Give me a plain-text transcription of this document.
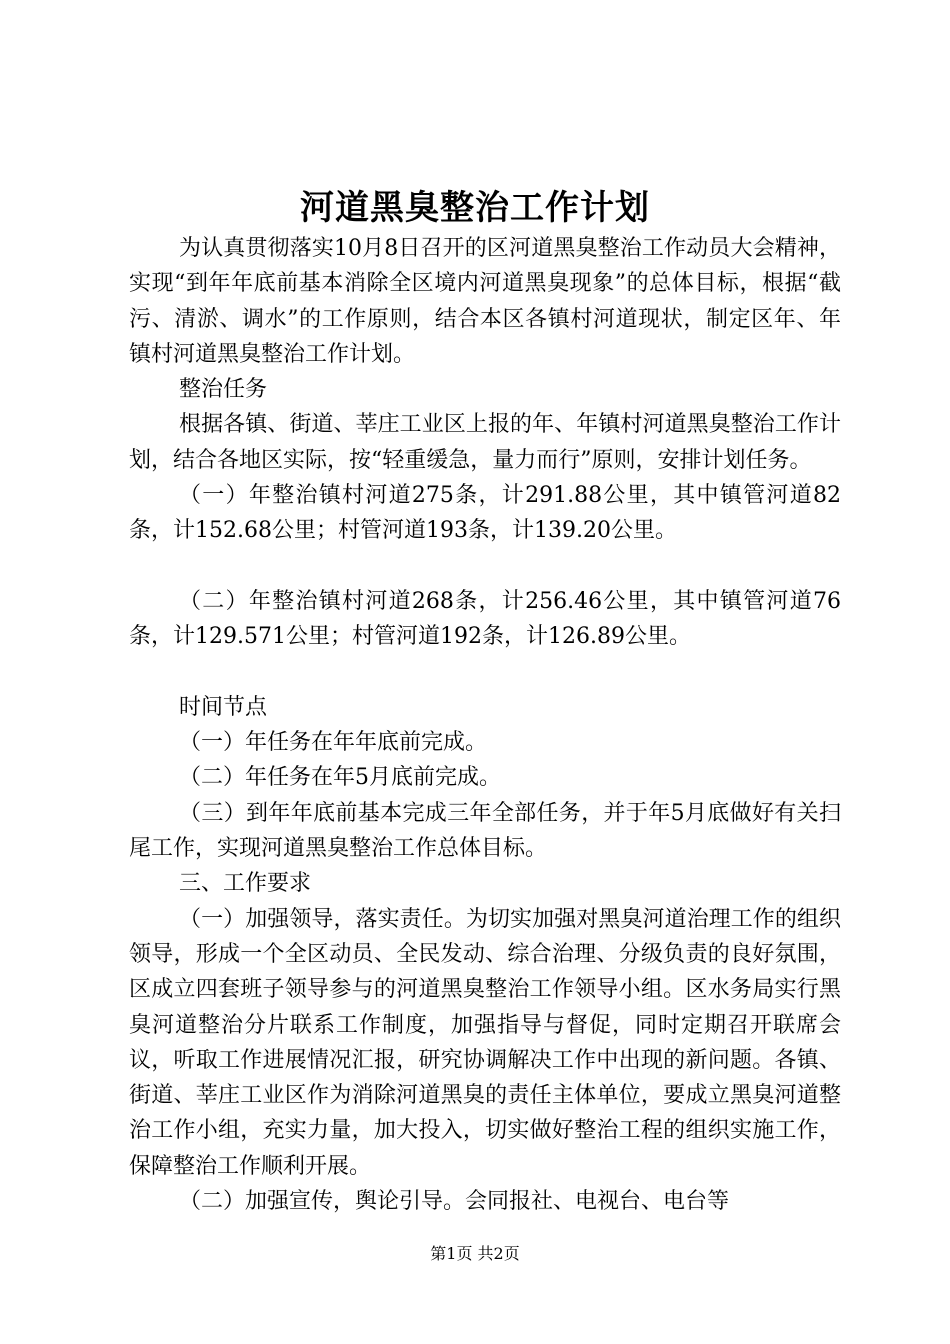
河道黑臭整治工作计划

为认真贯彻落实10月8日召开的区河道黑臭整治工作动员大会精神，实现“到年年底前基本消除全区境内河道黑臭现象”的总体目标，根据“截污、清淤、调水”的工作原则，结合本区各镇村河道现状，制定区年、年镇村河道黑臭整治工作计划。

整治任务

根据各镇、街道、莘庄工业区上报的年、年镇村河道黑臭整治工作计划，结合各地区实际，按“轻重缓急，量力而行”原则，安排计划任务。

（一）年整治镇村河道275条，计291.88公里，其中镇管河道82条，计152.68公里；村管河道193条，计139.20公里。

（二）年整治镇村河道268条，计256.46公里，其中镇管河道76条，计129.571公里；村管河道192条，计126.89公里。

时间节点

（一）年任务在年年底前完成。

（二）年任务在年5月底前完成。

（三）到年年底前基本完成三年全部任务，并于年5月底做好有关扫尾工作，实现河道黑臭整治工作总体目标。

三、工作要求

（一）加强领导，落实责任。为切实加强对黑臭河道治理工作的组织领导，形成一个全区动员、全民发动、综合治理、分级负责的良好氛围，区成立四套班子领导参与的河道黑臭整治工作领导小组。区水务局实行黑臭河道整治分片联系工作制度，加强指导与督促，同时定期召开联席会议，听取工作进展情况汇报，研究协调解决工作中出现的新问题。各镇、街道、莘庄工业区作为消除河道黑臭的责任主体单位，要成立黑臭河道整治工作小组，充实力量，加大投入，切实做好整治工程的组织实施工作，保障整治工作顺利开展。

（二）加强宣传，舆论引导。会同报社、电视台、电台等

第1页 共2页
